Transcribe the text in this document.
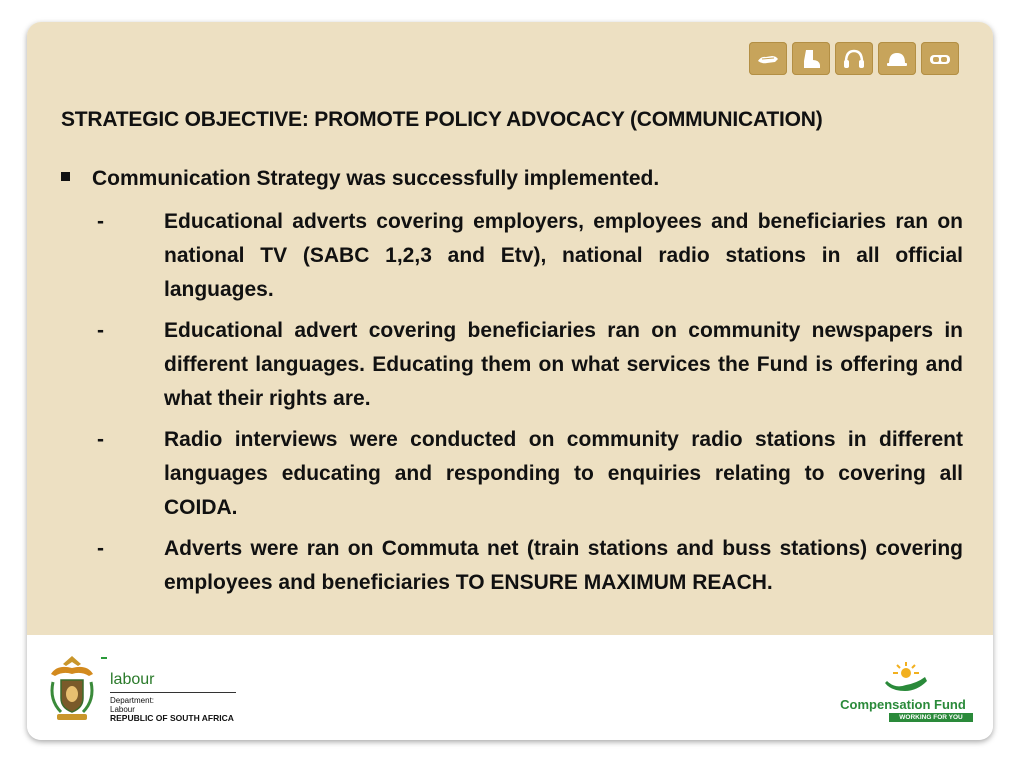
STRATEGIC OBJECTIVE: PROMOTE POLICY ADVOCACY (COMMUNICATION)
Communication Strategy was successfully implemented.
-	Educational adverts covering employers, employees and beneficiaries ran on national TV (SABC 1,2,3 and Etv), national radio stations in all official languages.
-	Educational advert covering beneficiaries ran on community newspapers in different languages. Educating them on what services the Fund is offering and what their rights are.
-	Radio interviews were conducted on community radio stations in different languages educating and responding to enquiries relating to covering all COIDA.
-	Adverts were ran on Commuta net (train stations and buss stations) covering employees and beneficiaries TO ENSURE MAXIMUM REACH.
labour
Department:
Labour
REPUBLIC OF SOUTH AFRICA
Compensation Fund
WORKING FOR YOU
